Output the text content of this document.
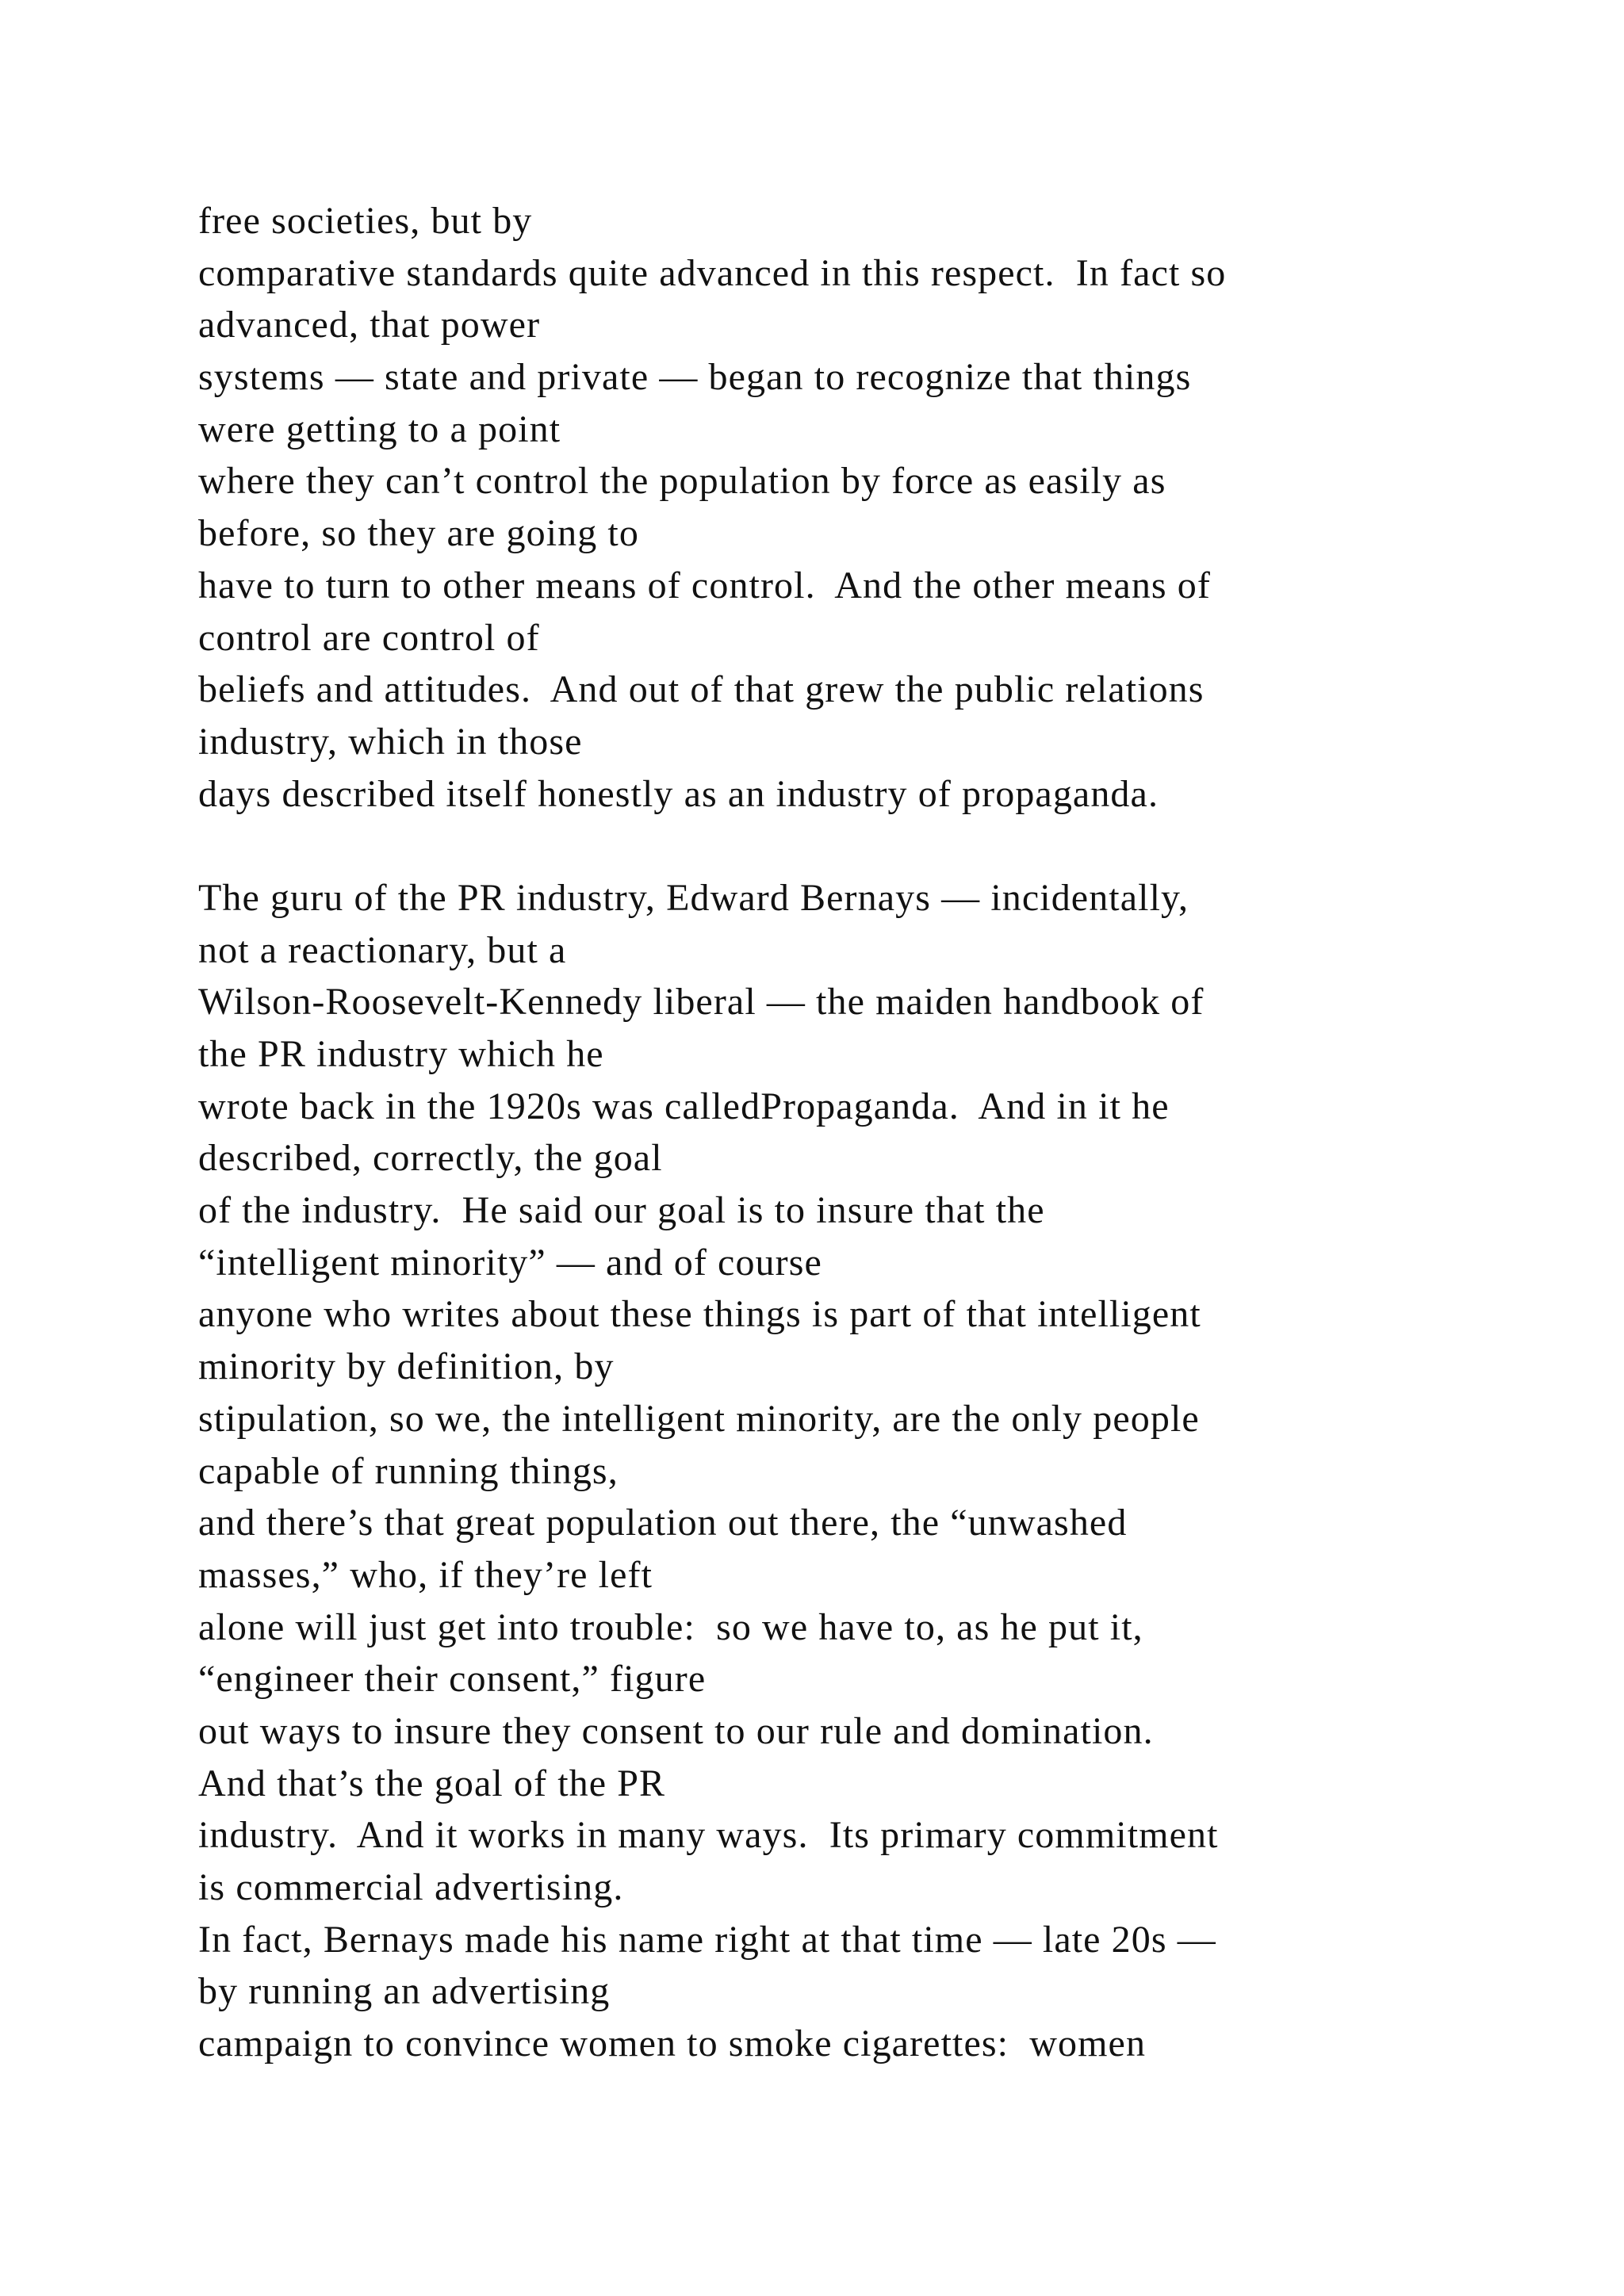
free societies, but by
comparative standards quite advanced in this respect.  In fact so
advanced, that power
systems — state and private — began to recognize that things
were getting to a point
where they can’t control the population by force as easily as
before, so they are going to
have to turn to other means of control.  And the other means of
control are control of
beliefs and attitudes.  And out of that grew the public relations
industry, which in those
days described itself honestly as an industry of propaganda.
The guru of the PR industry, Edward Bernays — incidentally,
not a reactionary, but a
Wilson-Roosevelt-Kennedy liberal — the maiden handbook of
the PR industry which he
wrote back in the 1920s was calledPropaganda.  And in it he
described, correctly, the goal
of the industry.  He said our goal is to insure that the
“intelligent minority” — and of course
anyone who writes about these things is part of that intelligent
minority by definition, by
stipulation, so we, the intelligent minority, are the only people
capable of running things,
and there’s that great population out there, the “unwashed
masses,” who, if they’re left
alone will just get into trouble:  so we have to, as he put it,
“engineer their consent,” figure
out ways to insure they consent to our rule and domination.
And that’s the goal of the PR
industry.  And it works in many ways.  Its primary commitment
is commercial advertising.
In fact, Bernays made his name right at that time — late 20s —
by running an advertising
campaign to convince women to smoke cigarettes:  women
